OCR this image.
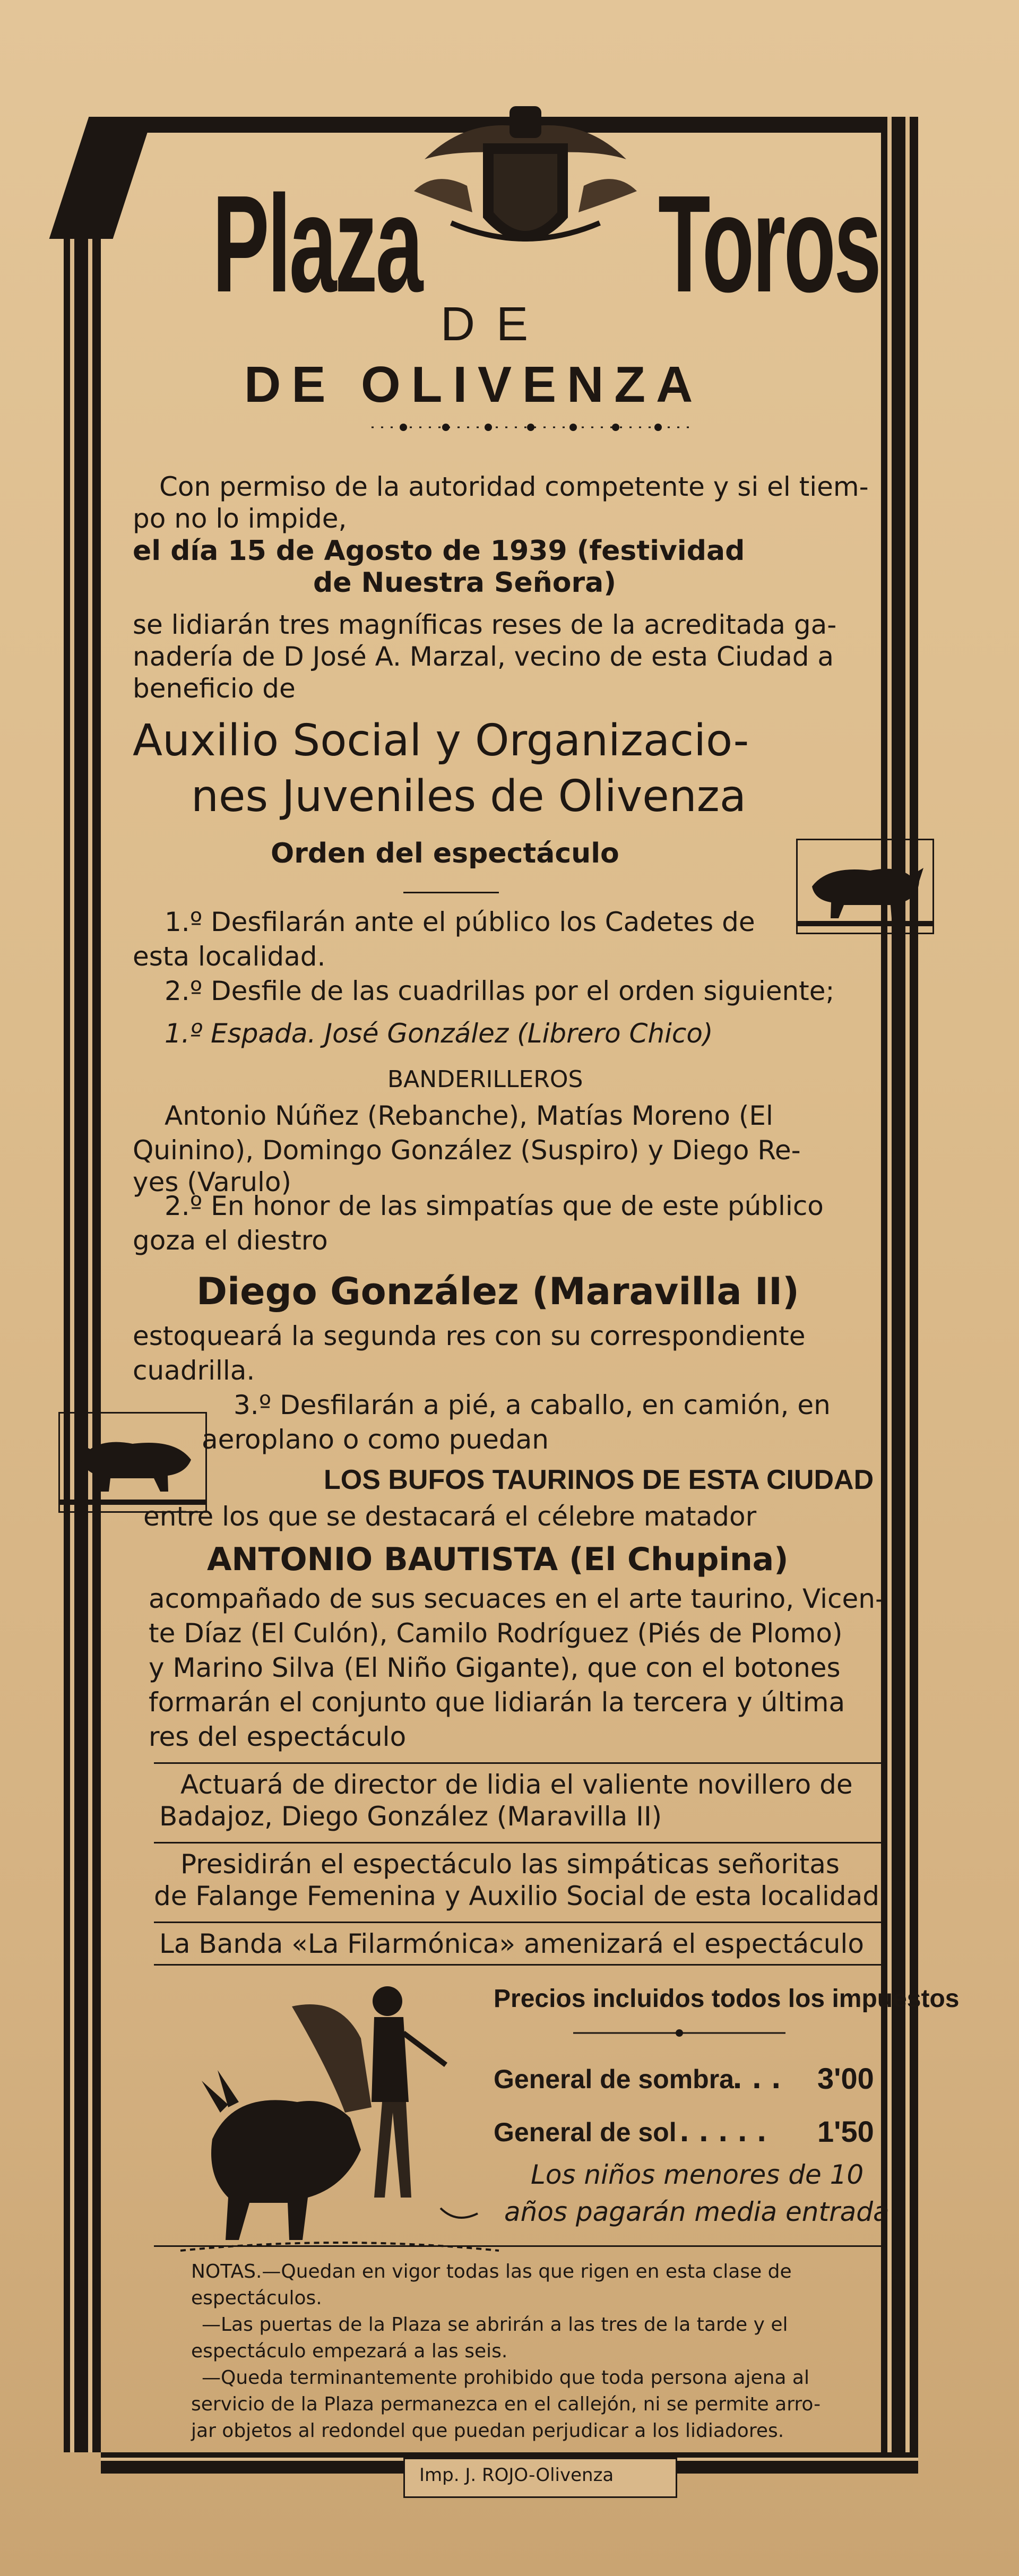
Plaza
DE
Toros
DE OLIVENZA
Con permiso de la autoridad competente y si el tiem-
po no lo impide,
el día 15 de Agosto de 1939 (festividad
de Nuestra Señora)
se lidiarán tres magníficas reses de la acreditada ga-
nadería de D José A. Marzal, vecino de esta Ciudad a
beneficio de
Auxilio Social y Organizacio-
nes Juveniles de Olivenza
Orden del espectáculo
1.º Desfilarán ante el público los Cadetes de
esta localidad.
2.º Desfile de las cuadrillas por el orden siguiente;
1.º Espada. José González (Librero Chico)
BANDERILLEROS
Antonio Núñez (Rebanche), Matías Moreno (El
Quinino), Domingo González (Suspiro) y Diego Re-
yes (Varulo)
2.º En honor de las simpatías que de este público
goza el diestro
Diego González (Maravilla II)
estoqueará la segunda res con su correspondiente
cuadrilla.
3.º Desfilarán a pié, a caballo, en camión, en
aeroplano o como puedan
LOS BUFOS TAURINOS DE ESTA CIUDAD
entre los que se destacará el célebre matador
ANTONIO BAUTISTA (El Chupina)
acompañado de sus secuaces en el arte taurino, Vicen-
te Díaz (El Culón), Camilo Rodríguez (Piés de Plomo)
y Marino Silva (El Niño Gigante), que con el botones
formarán el conjunto que lidiarán la tercera y última
res del espectáculo
Actuará de director de lidia el valiente novillero de
Badajoz, Diego González (Maravilla II)
Presidirán el espectáculo las simpáticas señoritas
de Falange Femenina y Auxilio Social de esta localidad
La Banda «La Filarmónica» amenizará el espectáculo
Precios incluidos todos los impuestos
General de sombra
. . . 3'00
General de sol . . . . . 1'50
Los niños menores de 10
años pagarán media entrada
NOTAS.—Quedan en vigor todas las que rigen en esta clase de
espectáculos.
—Las puertas de la Plaza se abrirán a las tres de la tarde y el
espectáculo empezará a las seis.
—Queda terminantemente prohibido que toda persona ajena al
servicio de la Plaza permanezca en el callejón, ni se permite arro-
jar objetos al redondel que puedan perjudicar a los lidiadores.
Imp. J. ROJO-Olivenza
